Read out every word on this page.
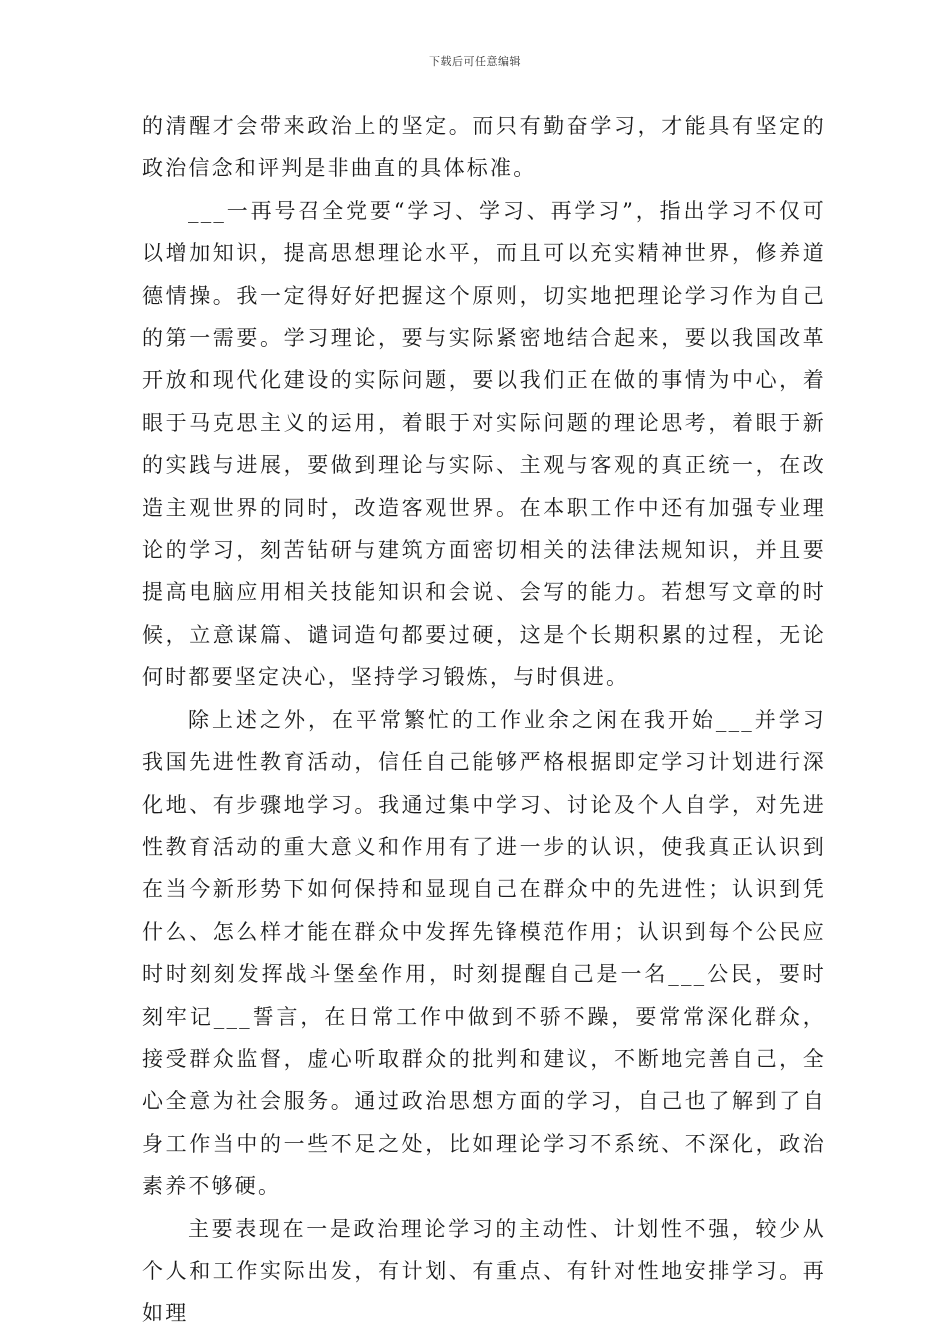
下载后可任意编辑

的清醒才会带来政治上的坚定。而只有勤奋学习，才能具有坚定的政治信念和评判是非曲直的具体标准。

___一再号召全党要“学习、学习、再学习”，指出学习不仅可以增加知识，提高思想理论水平，而且可以充实精神世界，修养道德情操。我一定得好好把握这个原则，切实地把理论学习作为自己的第一需要。学习理论，要与实际紧密地结合起来，要以我国改革开放和现代化建设的实际问题，要以我们正在做的事情为中心，着眼于马克思主义的运用，着眼于对实际问题的理论思考，着眼于新的实践与进展，要做到理论与实际、主观与客观的真正统一，在改造主观世界的同时，改造客观世界。在本职工作中还有加强专业理论的学习，刻苦钻研与建筑方面密切相关的法律法规知识，并且要提高电脑应用相关技能知识和会说、会写的能力。若想写文章的时候，立意谋篇、谴词造句都要过硬，这是个长期积累的过程，无论何时都要坚定决心，坚持学习锻炼，与时俱进。

除上述之外，在平常繁忙的工作业余之闲在我开始___并学习我国先进性教育活动，信任自己能够严格根据即定学习计划进行深化地、有步骤地学习。我通过集中学习、讨论及个人自学，对先进性教育活动的重大意义和作用有了进一步的认识，使我真正认识到在当今新形势下如何保持和显现自己在群众中的先进性；认识到凭什么、怎么样才能在群众中发挥先锋模范作用；认识到每个公民应时时刻刻发挥战斗堡垒作用，时刻提醒自己是一名___公民，要时刻牢记___誓言，在日常工作中做到不骄不躁，要常常深化群众，接受群众监督，虚心听取群众的批判和建议，不断地完善自己，全心全意为社会服务。通过政治思想方面的学习，自己也了解到了自身工作当中的一些不足之处，比如理论学习不系统、不深化，政治素养不够硬。

主要表现在一是政治理论学习的主动性、计划性不强，较少从个人和工作实际出发，有计划、有重点、有针对性地安排学习。再如理
